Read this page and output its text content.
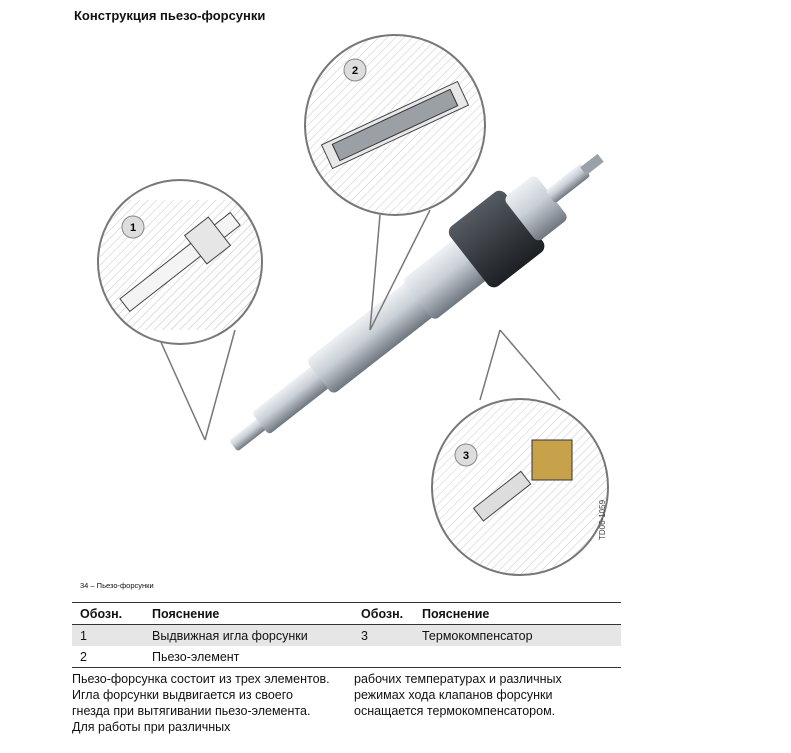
Конструкция пьезо-форсунки
1
2
3
34 – Пьезо-форсунки
TD06-1059
Обозн.	Пояснение	Обозн.	Пояснение
1	Выдвижная игла форсунки	3	Термокомпенсатор
2	Пьезо-элемент		
Пьезо-форсунка состоит из трех элементов. Игла форсунки выдвигается из своего гнезда при вытягивании пьезо-элемента. Для работы при различных
рабочих температурах и различных режимах хода клапанов форсунки оснащается термокомпенсатором.
